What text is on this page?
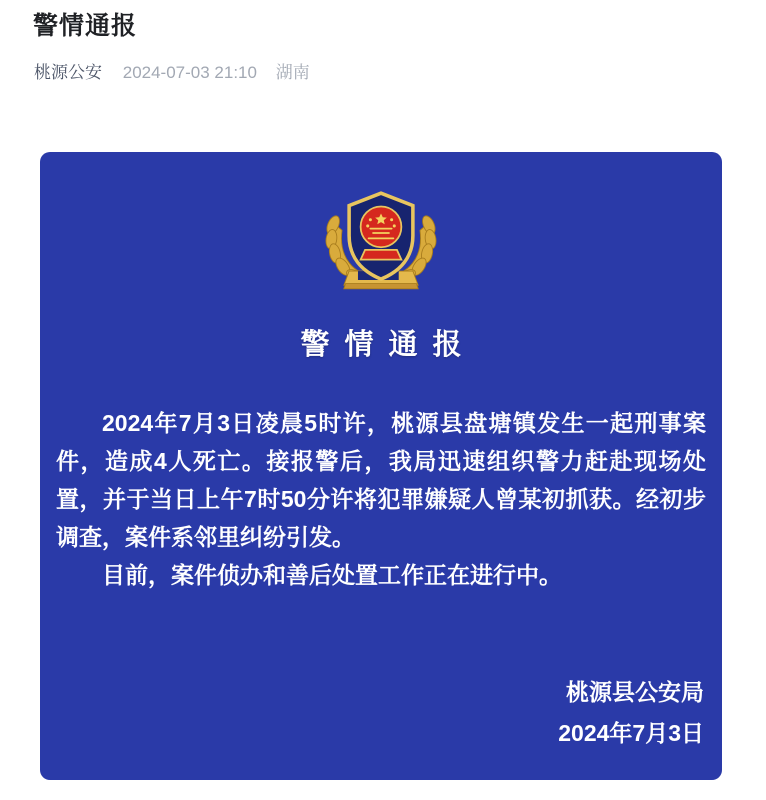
警情通报
桃源公安 2024-07-03 21:10 湖南
警情通报

2024年7月3日凌晨5时许，桃源县盘塘镇发生一起刑事案件，造成4人死亡。接报警后，我局迅速组织警力赶赴现场处置，并于当日上午7时50分许将犯罪嫌疑人曾某初抓获。经初步调查，案件系邻里纠纷引发。

目前，案件侦办和善后处置工作正在进行中。

桃源县公安局
2024年7月3日
